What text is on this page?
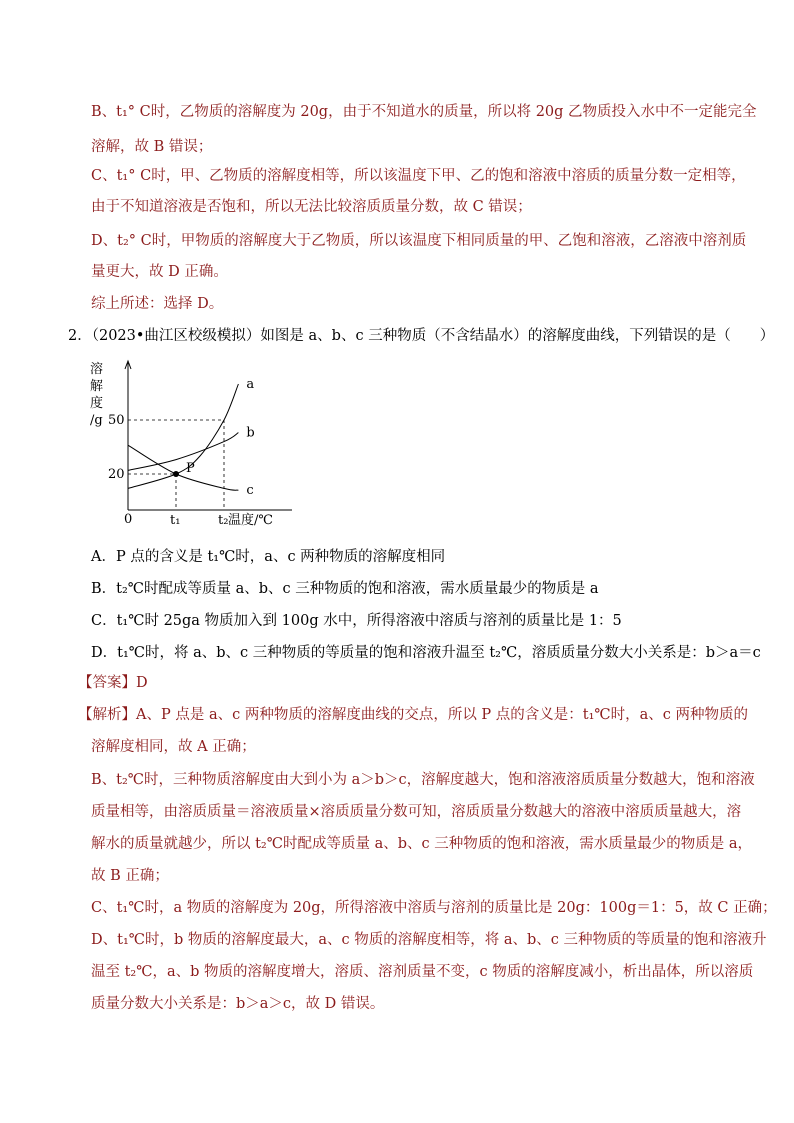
B、t₁° C时，乙物质的溶解度为 20g，由于不知道水的质量，所以将 20g 乙物质投入水中不一定能完全
溶解，故 B 错误；
C、t₁° C时，甲、乙物质的溶解度相等，所以该温度下甲、乙的饱和溶液中溶质的质量分数一定相等，
由于不知道溶液是否饱和，所以无法比较溶质质量分数，故 C 错误；
D、t₂° C时，甲物质的溶解度大于乙物质，所以该温度下相同质量的甲、乙饱和溶液，乙溶液中溶剂质
量更大，故 D 正确。
综上所述：选择 D。
2．（2023•曲江区校级模拟）如图是 a、b、c 三种物质（不含结晶水）的溶解度曲线，下列错误的是（　　）
溶
解
度
/g
温度/℃
0
20
50
t₁	t₂
a
b
c
P
A．P 点的含义是 t₁℃时，a、c 两种物质的溶解度相同
B．t₂℃时配成等质量 a、b、c 三种物质的饱和溶液，需水质量最少的物质是 a
C．t₁℃时 25ga 物质加入到 100g 水中，所得溶液中溶质与溶剂的质量比是 1：5
D．t₁℃时，将 a、b、c 三种物质的等质量的饱和溶液升温至 t₂℃，溶质质量分数大小关系是：b＞a＝c
【答案】D
【解析】A、P 点是 a、c 两种物质的溶解度曲线的交点，所以 P 点的含义是：t₁℃时，a、c 两种物质的
溶解度相同，故 A 正确；
B、t₂℃时，三种物质溶解度由大到小为 a＞b＞c，溶解度越大，饱和溶液溶质质量分数越大，饱和溶液
质量相等，由溶质质量＝溶液质量×溶质质量分数可知，溶质质量分数越大的溶液中溶质质量越大，溶
解水的质量就越少，所以 t₂℃时配成等质量 a、b、c 三种物质的饱和溶液，需水质量最少的物质是 a，
故 B 正确；
C、t₁℃时，a 物质的溶解度为 20g，所得溶液中溶质与溶剂的质量比是 20g：100g＝1：5，故 C 正确；
D、t₁℃时，b 物质的溶解度最大，a、c 物质的溶解度相等，将 a、b、c 三种物质的等质量的饱和溶液升
温至 t₂℃，a、b 物质的溶解度增大，溶质、溶剂质量不变，c 物质的溶解度减小，析出晶体，所以溶质
质量分数大小关系是：b＞a＞c，故 D 错误。
